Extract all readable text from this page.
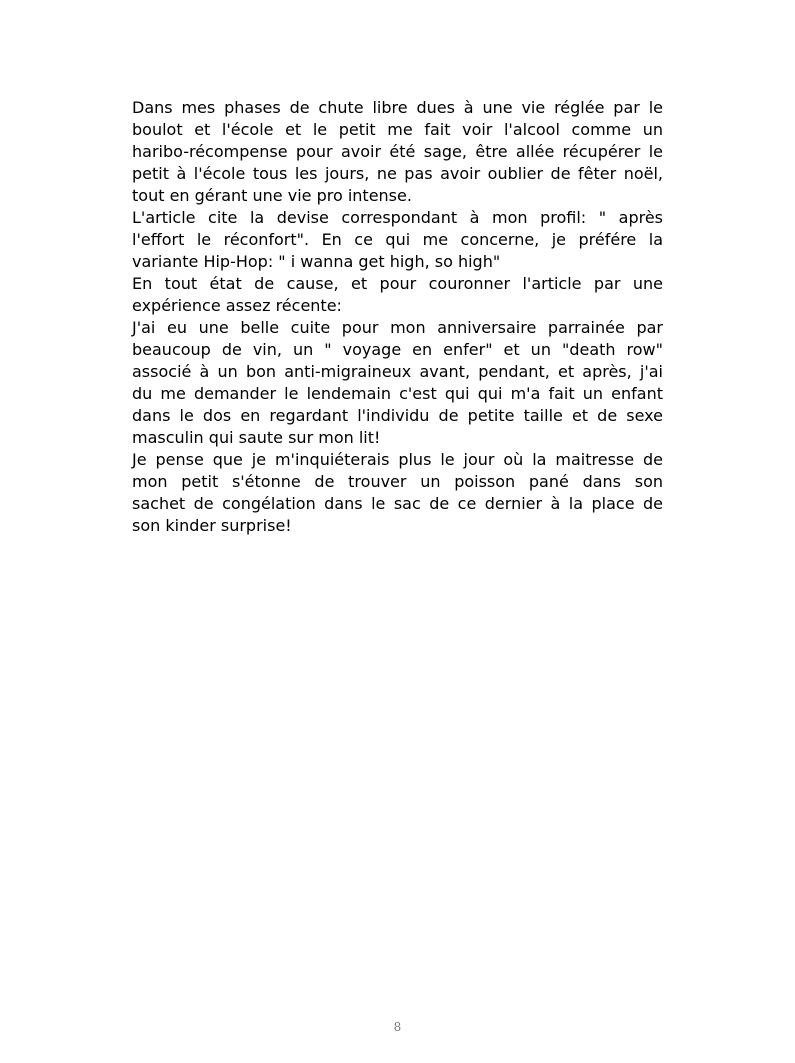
Dans mes phases de chute libre dues à une vie réglée par le
boulot et l'école et le petit me fait voir l'alcool comme un
haribo-récompense pour avoir été sage, être allée récupérer le
petit à l'école tous les jours, ne pas avoir oublier de fêter noël,
tout en gérant une vie pro intense.
L'article cite la devise correspondant à mon profil: " après
l'effort le réconfort". En ce qui me concerne, je préfére la
variante Hip-Hop: " i wanna get high, so high"
En tout état de cause, et pour couronner l'article par une
expérience assez récente:
J'ai eu une belle cuite pour mon anniversaire parrainée par
beaucoup de vin, un " voyage en enfer" et un "death row"
associé à un bon anti-migraineux avant, pendant, et après, j'ai
du me demander le lendemain c'est qui qui m'a fait un enfant
dans le dos en regardant l'individu de petite taille et de sexe
masculin qui saute sur mon lit!
Je pense que je m'inquiéterais plus le jour où la maitresse de
mon petit s'étonne de trouver un poisson pané dans son
sachet de congélation dans le sac de ce dernier à la place de
son kinder surprise!
8
